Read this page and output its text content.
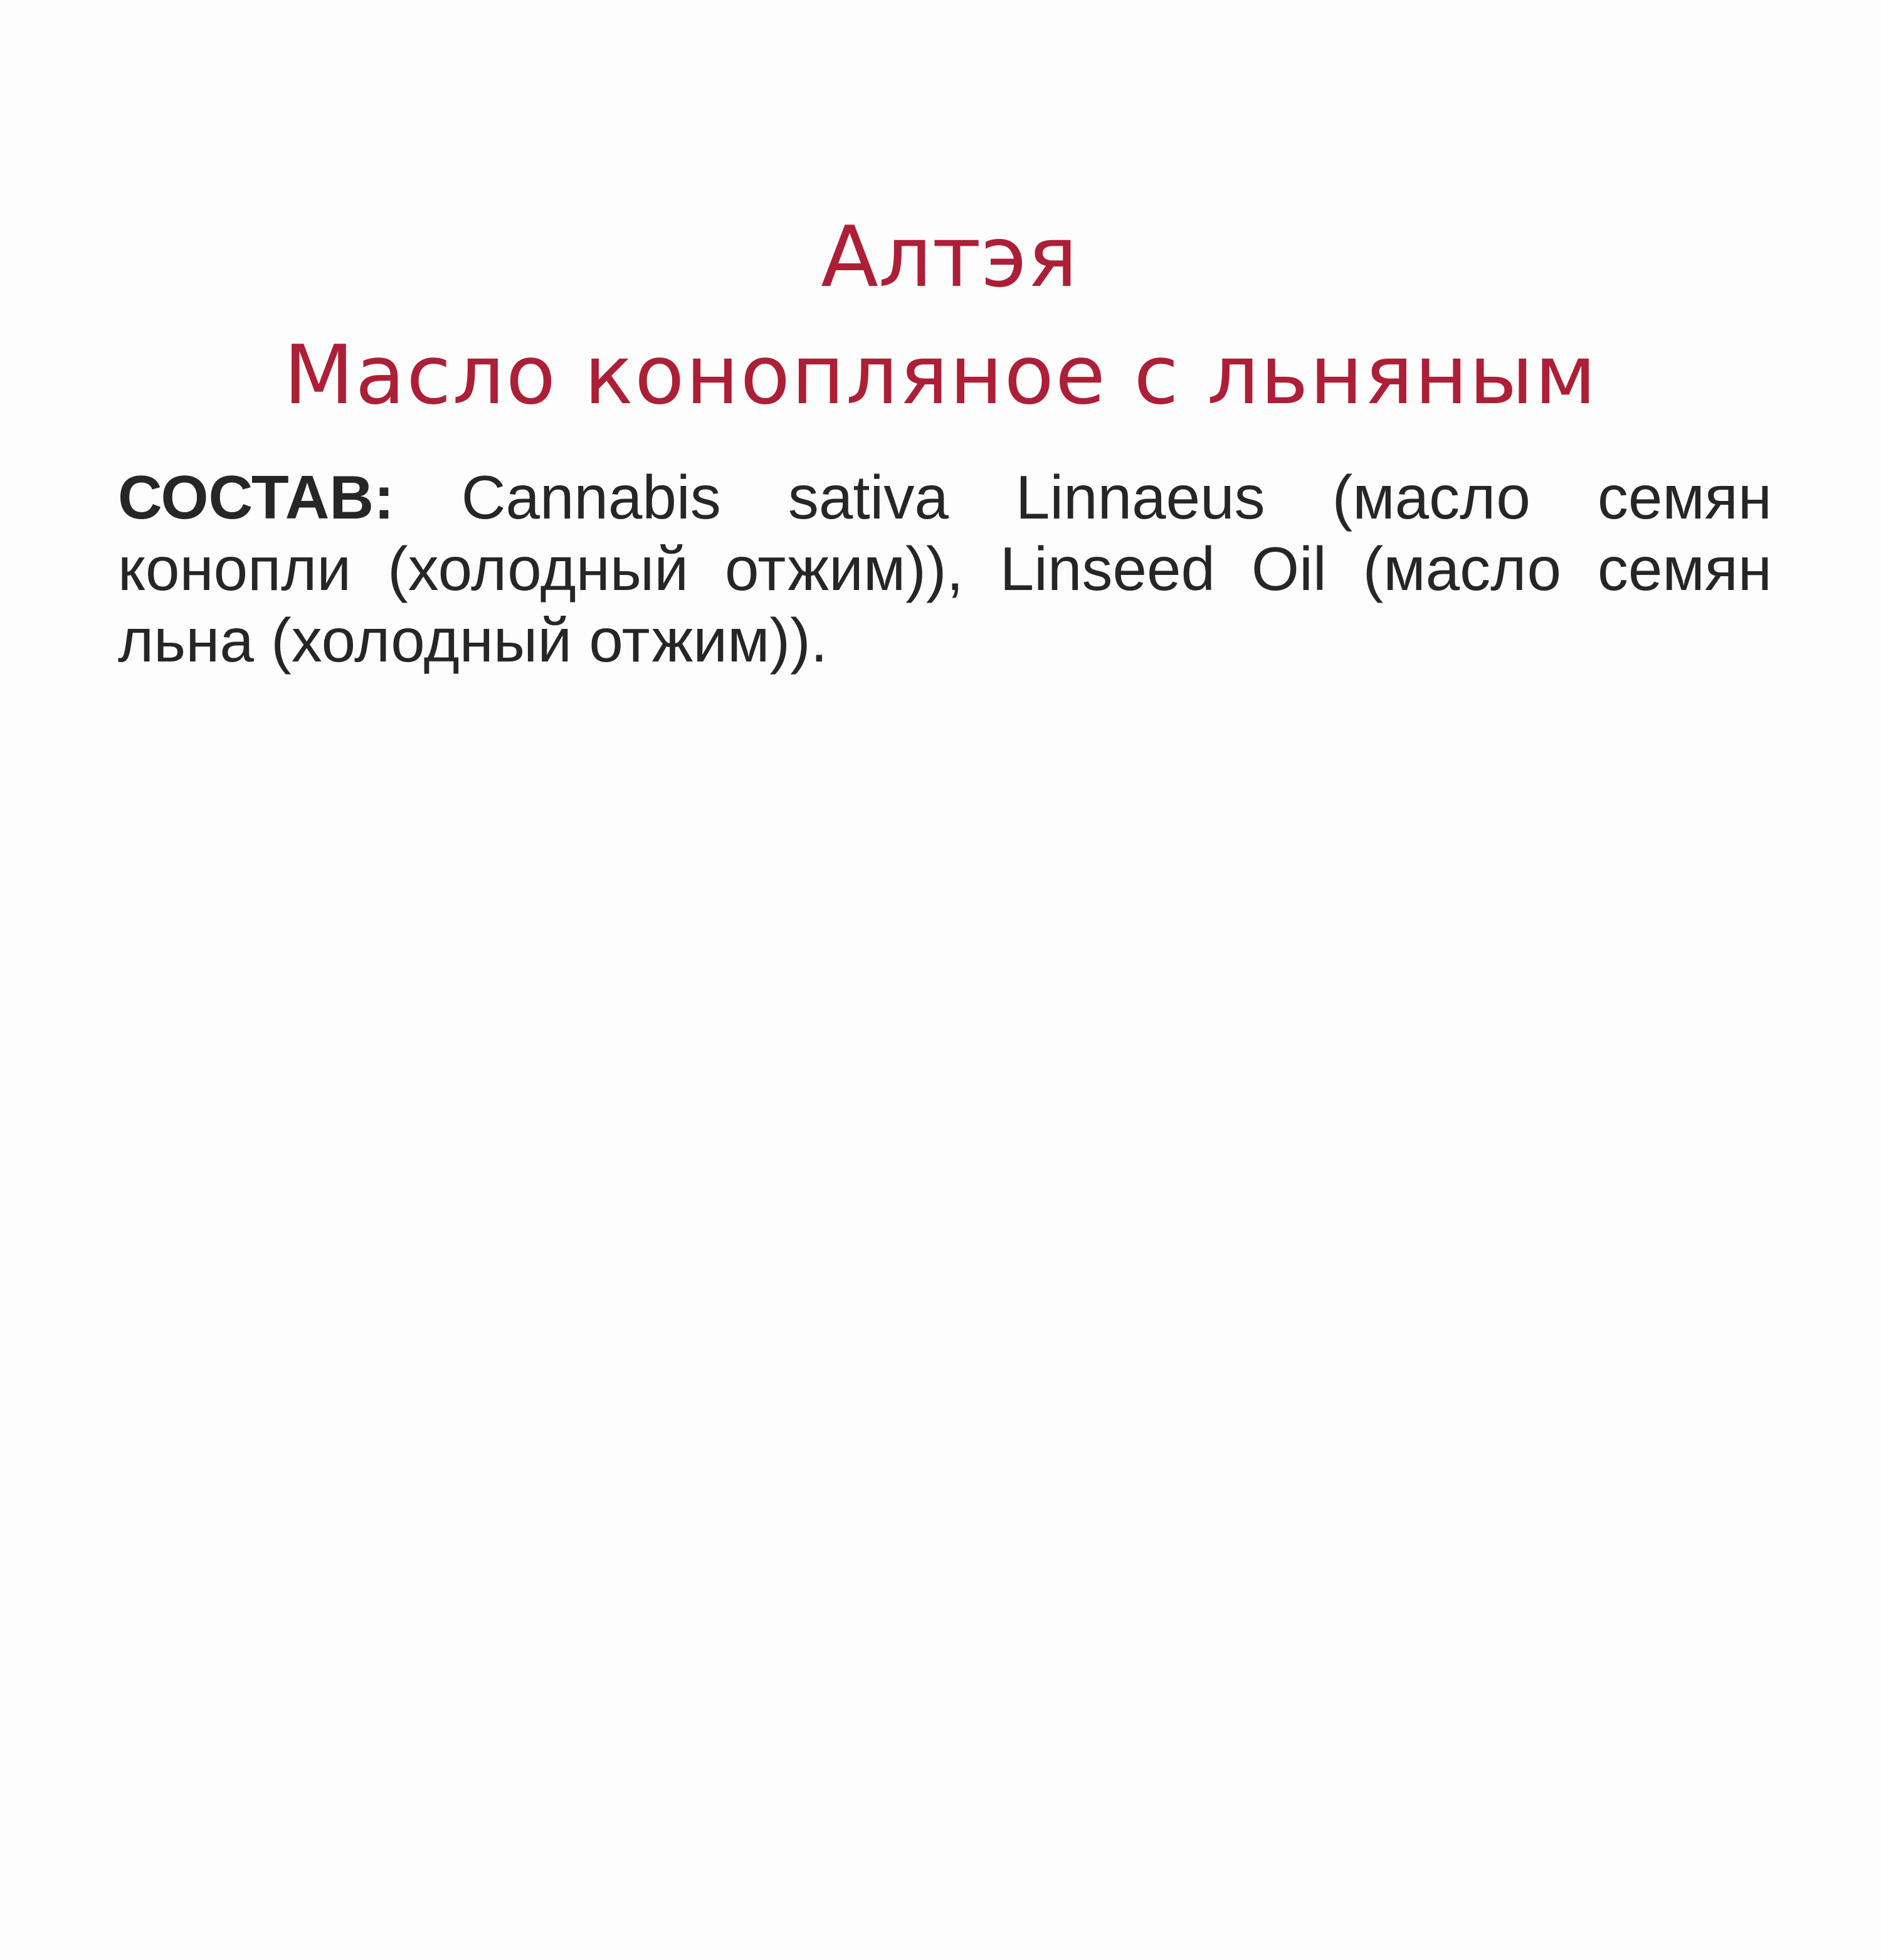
Алтэя
Масло конопляное с льняным

СОСТАВ: Cannabis sativa Linnaeus (масло семян конопли (холодный отжим)), Linseed Oil (масло семян льна (холодный отжим)).
